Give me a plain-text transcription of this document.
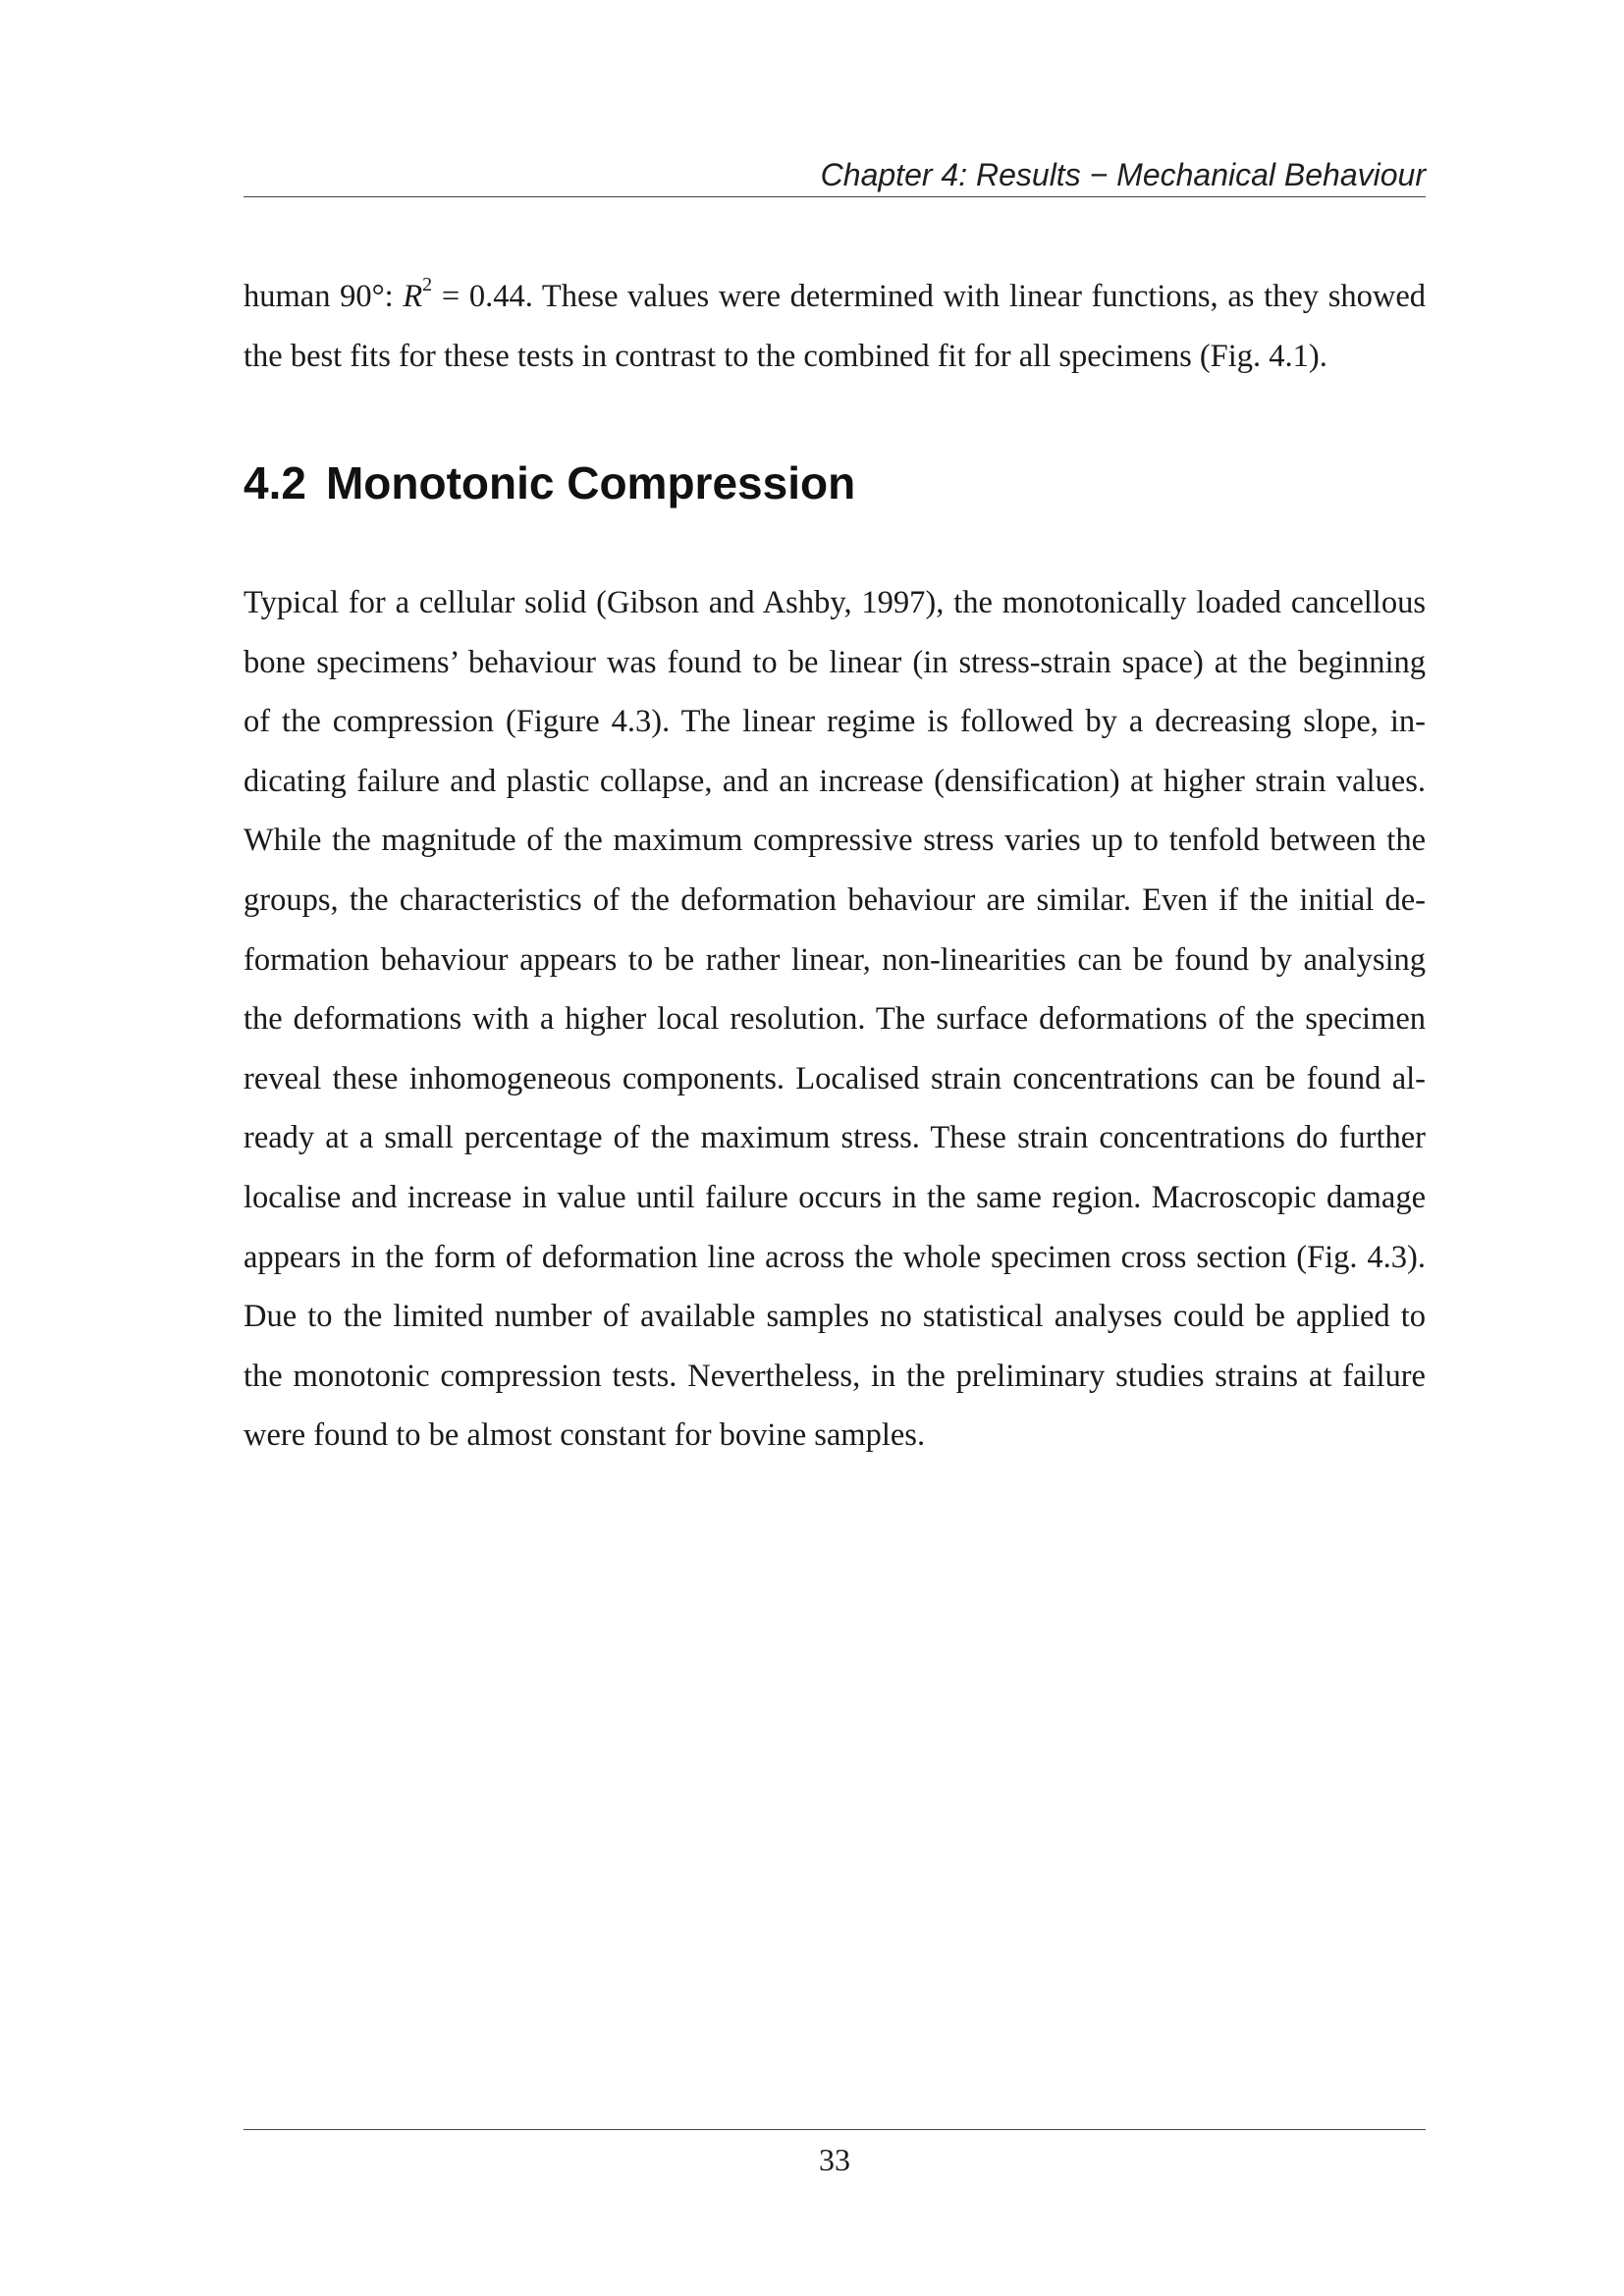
Chapter 4: Results − Mechanical Behaviour
human 90°: $R^2 = 0.44$. These values were determined with linear functions, as they showed
the best fits for these tests in contrast to the combined fit for all specimens (Fig. 4.1).
4.2 Monotonic Compression
Typical for a cellular solid (Gibson and Ashby, 1997), the monotonically loaded cancellous
bone specimens’ behaviour was found to be linear (in stress-strain space) at the beginning
of the compression (Figure 4.3). The linear regime is followed by a decreasing slope, in-
dicating failure and plastic collapse, and an increase (densification) at higher strain values.
While the magnitude of the maximum compressive stress varies up to tenfold between the
groups, the characteristics of the deformation behaviour are similar. Even if the initial de-
formation behaviour appears to be rather linear, non-linearities can be found by analysing
the deformations with a higher local resolution. The surface deformations of the specimen
reveal these inhomogeneous components. Localised strain concentrations can be found al-
ready at a small percentage of the maximum stress. These strain concentrations do further
localise and increase in value until failure occurs in the same region. Macroscopic damage
appears in the form of deformation line across the whole specimen cross section (Fig. 4.3).
Due to the limited number of available samples no statistical analyses could be applied to
the monotonic compression tests. Nevertheless, in the preliminary studies strains at failure
were found to be almost constant for bovine samples.
33
